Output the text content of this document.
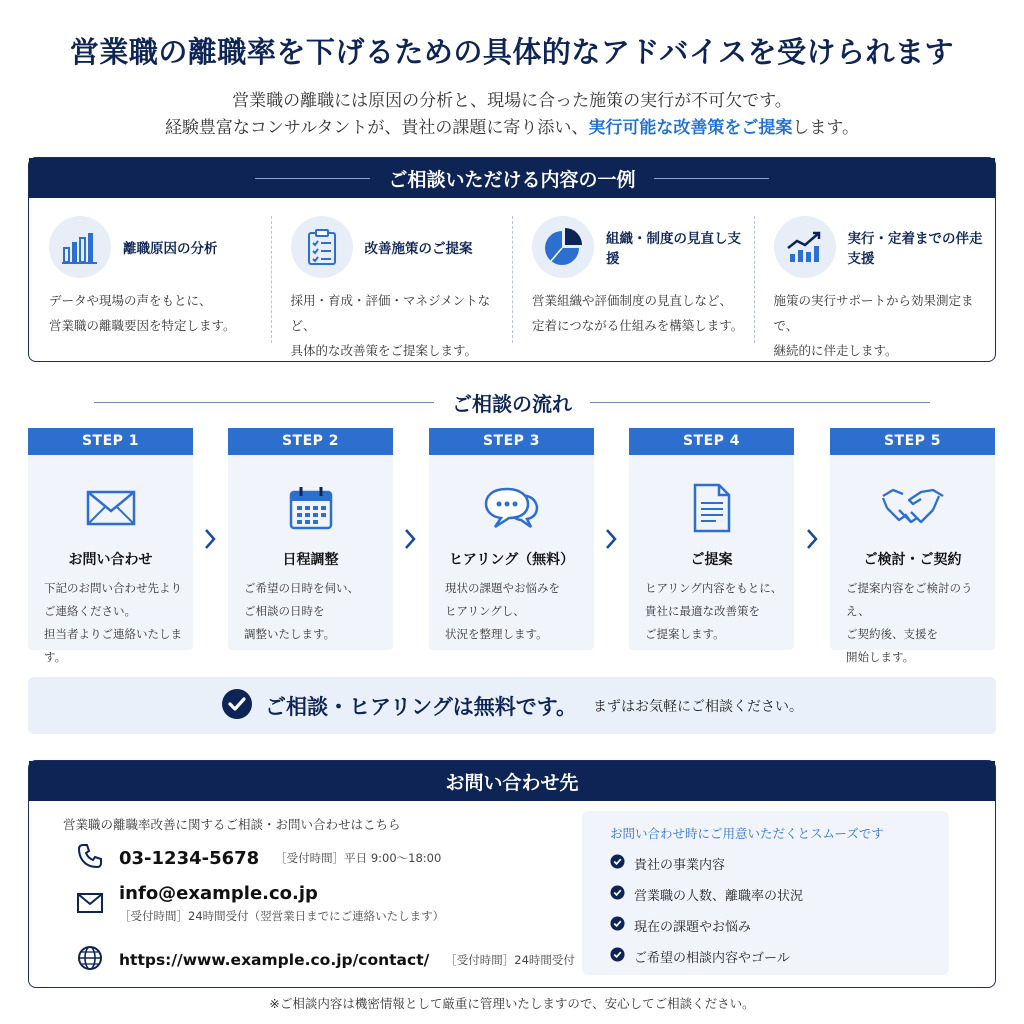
営業職の離職率を下げるための具体的なアドバイスを受けられます
営業職の離職には原因の分析と、現場に合った施策の実行が不可欠です。
経験豊富なコンサルタントが、貴社の課題に寄り添い、実行可能な改善策をご提案します。
ご相談いただける内容の一例
離職原因の分析
データや現場の声をもとに、
営業職の離職要因を特定します。
改善施策のご提案
採用・育成・評価・マネジメントなど、
具体的な改善策をご提案します。
組織・制度の見直し支援
営業組織や評価制度の見直しなど、
定着につながる仕組みを構築します。
実行・定着までの伴走支援
施策の実行サポートから効果測定まで、
継続的に伴走します。
ご相談の流れ
STEP 1
お問い合わせ
下記のお問い合わせ先より
ご連絡ください。
担当者よりご連絡いたします。
STEP 2
日程調整
ご希望の日時を伺い、
ご相談の日時を
調整いたします。
STEP 3
ヒアリング（無料）
現状の課題やお悩みを
ヒアリングし、
状況を整理します。
STEP 4
ご提案
ヒアリング内容をもとに、
貴社に最適な改善策を
ご提案します。
STEP 5
ご検討・ご契約
ご提案内容をご検討のうえ、
ご契約後、支援を
開始します。
ご相談・ヒアリングは無料です。 まずはお気軽にご相談ください。
お問い合わせ先
営業職の離職率改善に関するご相談・お問い合わせはこちら
03-1234-5678 ［受付時間］平日 9:00〜18:00
info@example.co.jp
［受付時間］24時間受付（翌営業日までにご連絡いたします）
https://www.example.co.jp/contact/ ［受付時間］24時間受付
お問い合わせ時にご用意いただくとスムーズです
貴社の事業内容
営業職の人数、離職率の状況
現在の課題やお悩み
ご希望の相談内容やゴール
※ご相談内容は機密情報として厳重に管理いたしますので、安心してご相談ください。
